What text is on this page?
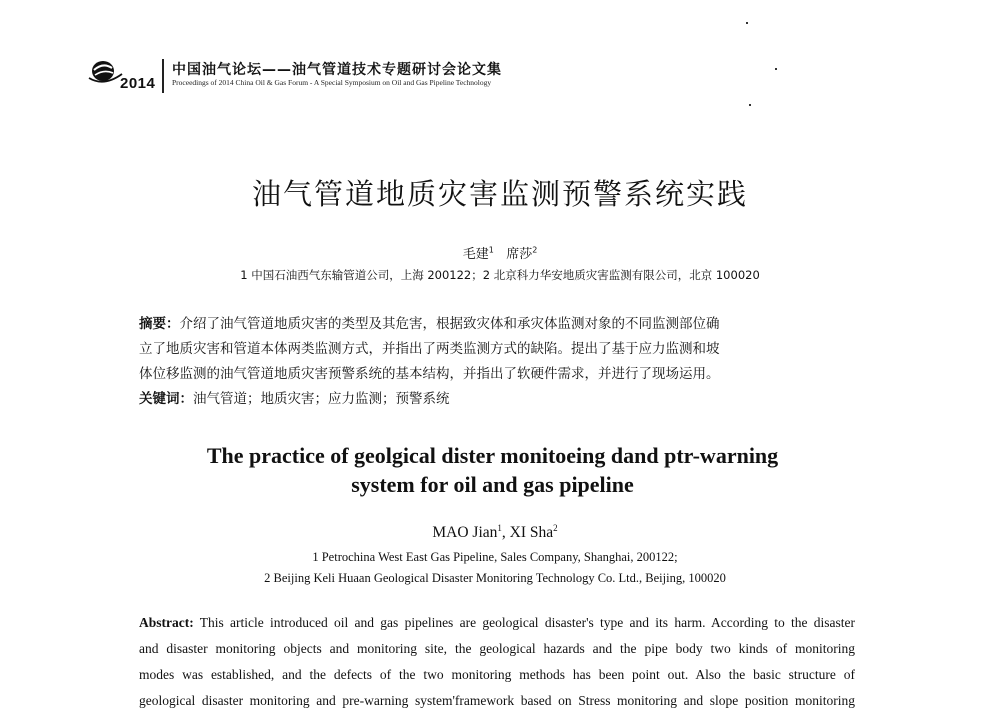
2014
中国油气论坛——油气管道技术专题研讨会论文集
Proceedings of 2014 China Oil & Gas Forum - A Special Symposium on Oil and Gas Pipeline Technology
油气管道地质灾害监测预警系统实践
毛建$^1$ 席莎$^2$
1 中国石油西气东输管道公司，上海 200122；2 北京科力华安地质灾害监测有限公司，北京 100020
摘要：介绍了油气管道地质灾害的类型及其危害，根据致灾体和承灾体监测对象的不同监测部位确
立了地质灾害和管道本体两类监测方式，并指出了两类监测方式的缺陷。提出了基于应力监测和坡
体位移监测的油气管道地质灾害预警系统的基本结构，并指出了软硬件需求，并进行了现场运用。
关键词：油气管道；地质灾害；应力监测；预警系统
The practice of geolgical dister monitoeing dand ptr-warning
system for oil and gas pipeline
MAO Jian$^1$, XI Sha$^2$
1 Petrochina West East Gas Pipeline, Sales Company, Shanghai, 200122;
2 Beijing Keli Huaan Geological Disaster Monitoring Technology Co. Ltd., Beijing, 100020
Abstract: This article introduced oil and gas pipelines are geological disaster's type and its harm. According to the disaster
and disaster monitoring objects and monitoring site, the geological hazards and the pipe body two kinds of monitoring
modes was established, and the defects of the two monitoring methods has been point out. Also the basic structure of
geological disaster monitoring and pre-warning system'framework based on Stress monitoring and slope position monitoring
